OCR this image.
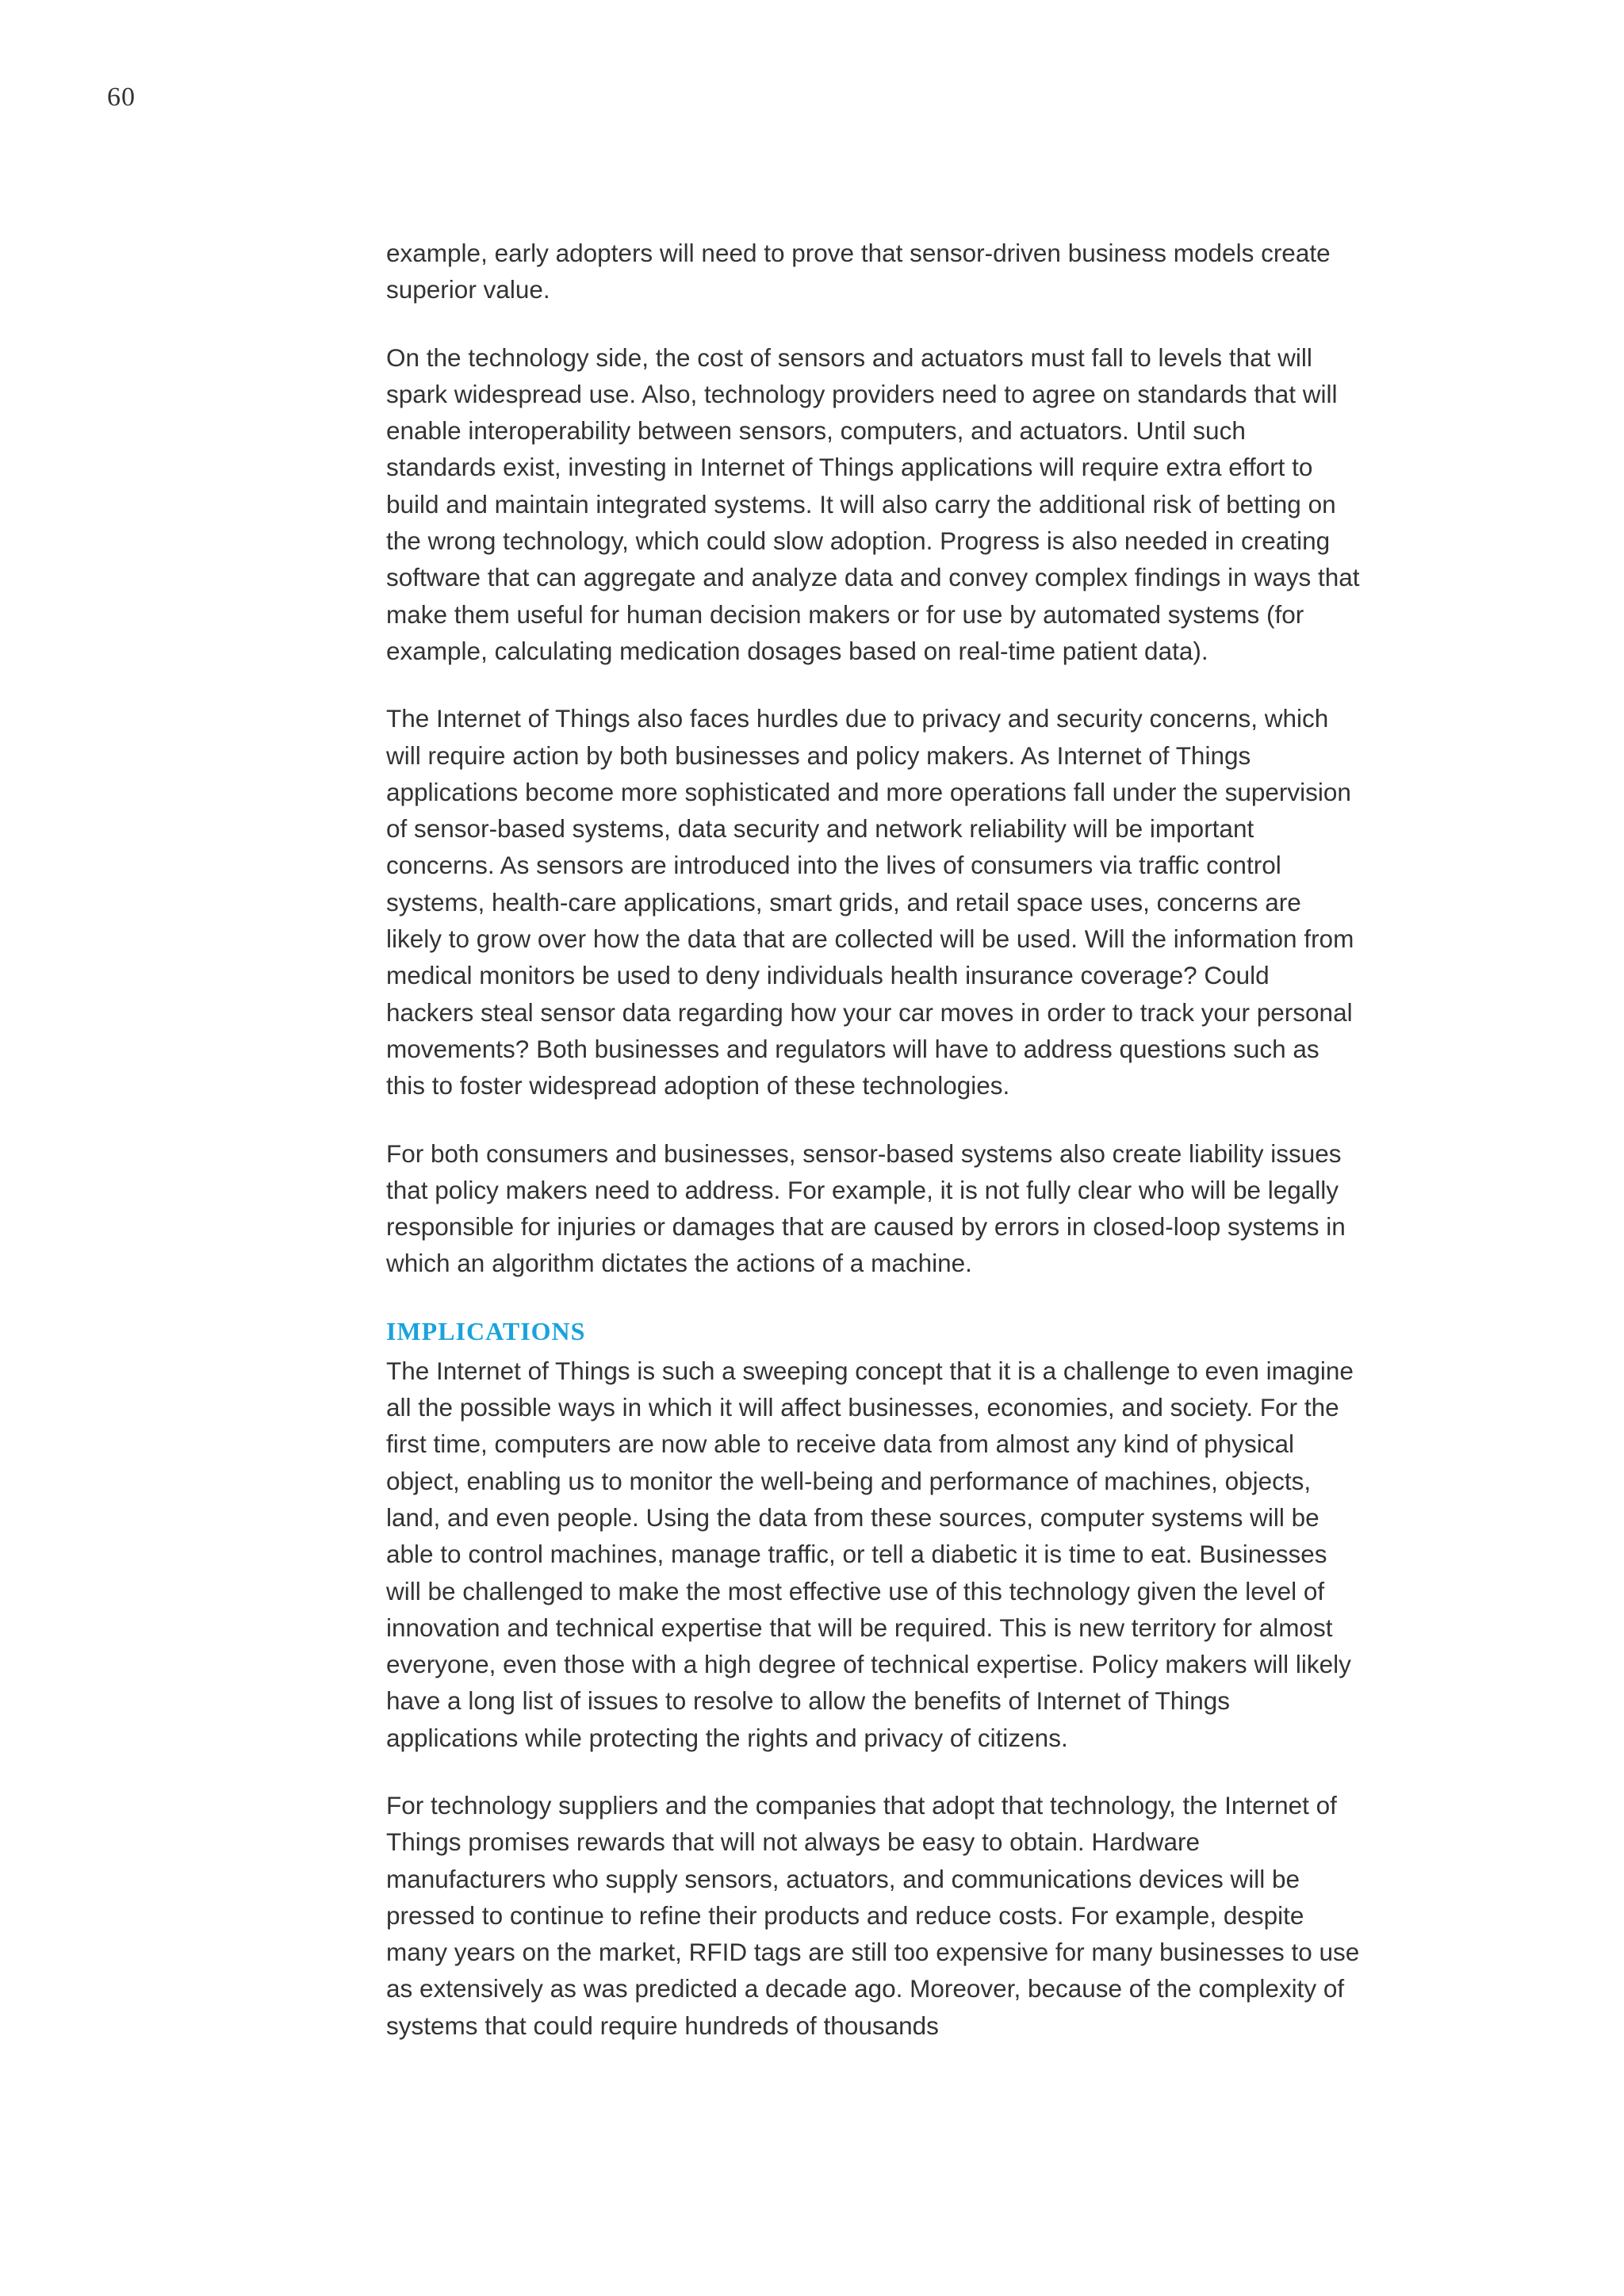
60

example, early adopters will need to prove that sensor-driven business models create superior value.

On the technology side, the cost of sensors and actuators must fall to levels that will spark widespread use. Also, technology providers need to agree on standards that will enable interoperability between sensors, computers, and actuators. Until such standards exist, investing in Internet of Things applications will require extra effort to build and maintain integrated systems. It will also carry the additional risk of betting on the wrong technology, which could slow adoption. Progress is also needed in creating software that can aggregate and analyze data and convey complex findings in ways that make them useful for human decision makers or for use by automated systems (for example, calculating medication dosages based on real-time patient data).

The Internet of Things also faces hurdles due to privacy and security concerns, which will require action by both businesses and policy makers. As Internet of Things applications become more sophisticated and more operations fall under the supervision of sensor-based systems, data security and network reliability will be important concerns. As sensors are introduced into the lives of consumers via traffic control systems, health-care applications, smart grids, and retail space uses, concerns are likely to grow over how the data that are collected will be used. Will the information from medical monitors be used to deny individuals health insurance coverage? Could hackers steal sensor data regarding how your car moves in order to track your personal movements? Both businesses and regulators will have to address questions such as this to foster widespread adoption of these technologies.

For both consumers and businesses, sensor-based systems also create liability issues that policy makers need to address. For example, it is not fully clear who will be legally responsible for injuries or damages that are caused by errors in closed-loop systems in which an algorithm dictates the actions of a machine.

IMPLICATIONS

The Internet of Things is such a sweeping concept that it is a challenge to even imagine all the possible ways in which it will affect businesses, economies, and society. For the first time, computers are now able to receive data from almost any kind of physical object, enabling us to monitor the well-being and performance of machines, objects, land, and even people. Using the data from these sources, computer systems will be able to control machines, manage traffic, or tell a diabetic it is time to eat. Businesses will be challenged to make the most effective use of this technology given the level of innovation and technical expertise that will be required. This is new territory for almost everyone, even those with a high degree of technical expertise. Policy makers will likely have a long list of issues to resolve to allow the benefits of Internet of Things applications while protecting the rights and privacy of citizens.

For technology suppliers and the companies that adopt that technology, the Internet of Things promises rewards that will not always be easy to obtain. Hardware manufacturers who supply sensors, actuators, and communications devices will be pressed to continue to refine their products and reduce costs. For example, despite many years on the market, RFID tags are still too expensive for many businesses to use as extensively as was predicted a decade ago. Moreover, because of the complexity of systems that could require hundreds of thousands
